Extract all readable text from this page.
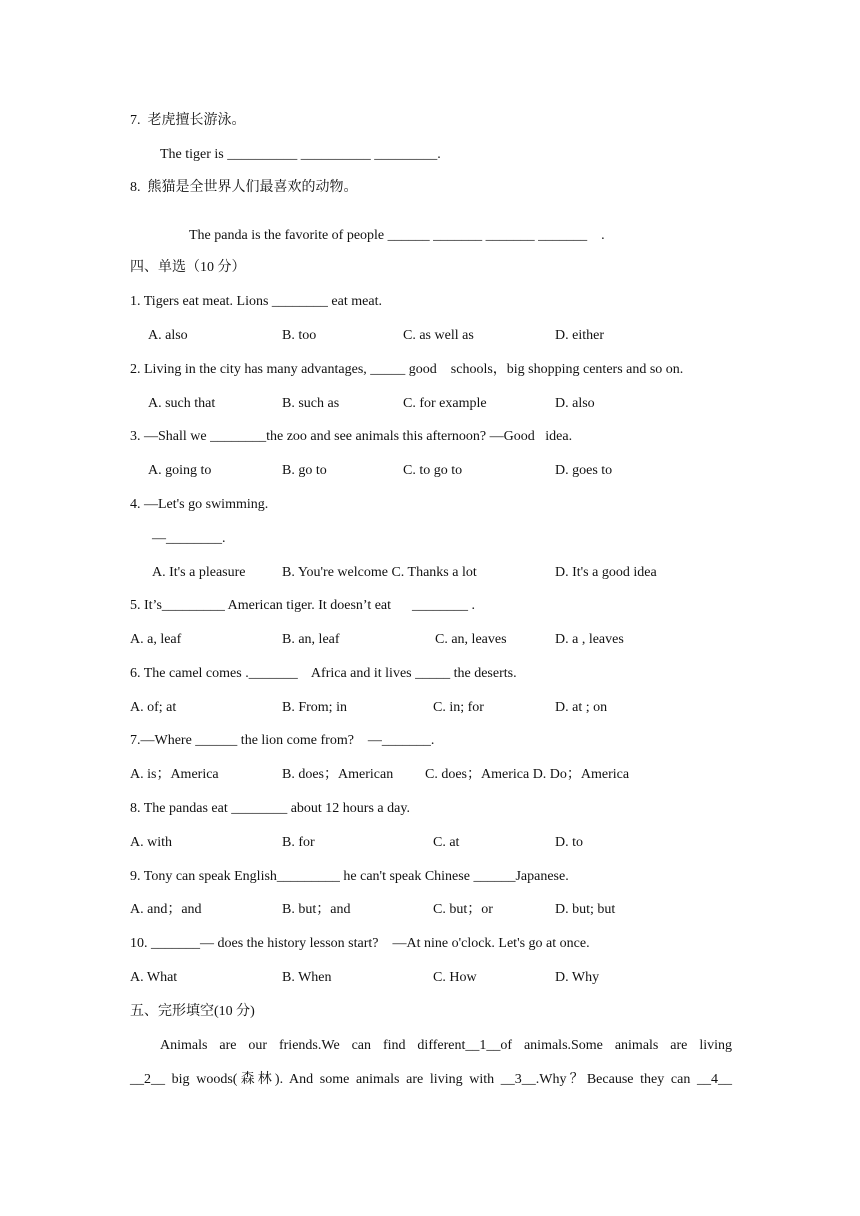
7.  老虎擅长游泳。
The tiger is __________ __________ _________.
8.  熊猫是全世界人们最喜欢的动物。
The panda is the favorite of people ______ _______ _______ _______    .
四、单选（10 分）
1. Tigers eat meat. Lions ________ eat meat.
A. also	B. too	C. as well as	D. either
2. Living in the city has many advantages, _____ good    schools，big shopping centers and so on.
A. such that	B. such as	C. for example	D. also
3. —Shall we ________the zoo and see animals this afternoon? —Good   idea.
A. going to	B. go to	C. to go to	D. goes to
4. —Let's go swimming.
—________.
A. It's a pleasure	B. You're welcome C. Thanks a lot	D. It's a good idea
5. It’s_________ American tiger. It doesn’t eat      ________ .
A. a, leaf	B. an, leaf	C. an, leaves	D. a , leaves
6. The camel comes ._______    Africa and it lives _____ the deserts.
A. of; at	B. From; in	C. in; for	D. at ; on
7.—Where ______ the lion come from?    —_______.
A. is；America	B. does；American C. does；America D. Do；America
8. The pandas eat ________ about 12 hours a day.
A. with	B. for	C. at	D. to
9. Tony can speak English_________ he can't speak Chinese ______Japanese.
A. and；and	B. but；and	C. but；or	D. but; but
10. _______— does the history lesson start?    —At nine o'clock. Let's go at once.
A. What	B. When	C. How	D. Why
五、完形填空(10 分)
Animals are our friends.We can find different__1__of animals.Some animals are living
__2__ big woods(森林). And some animals are living with __3__.Why？Because they can __4__
